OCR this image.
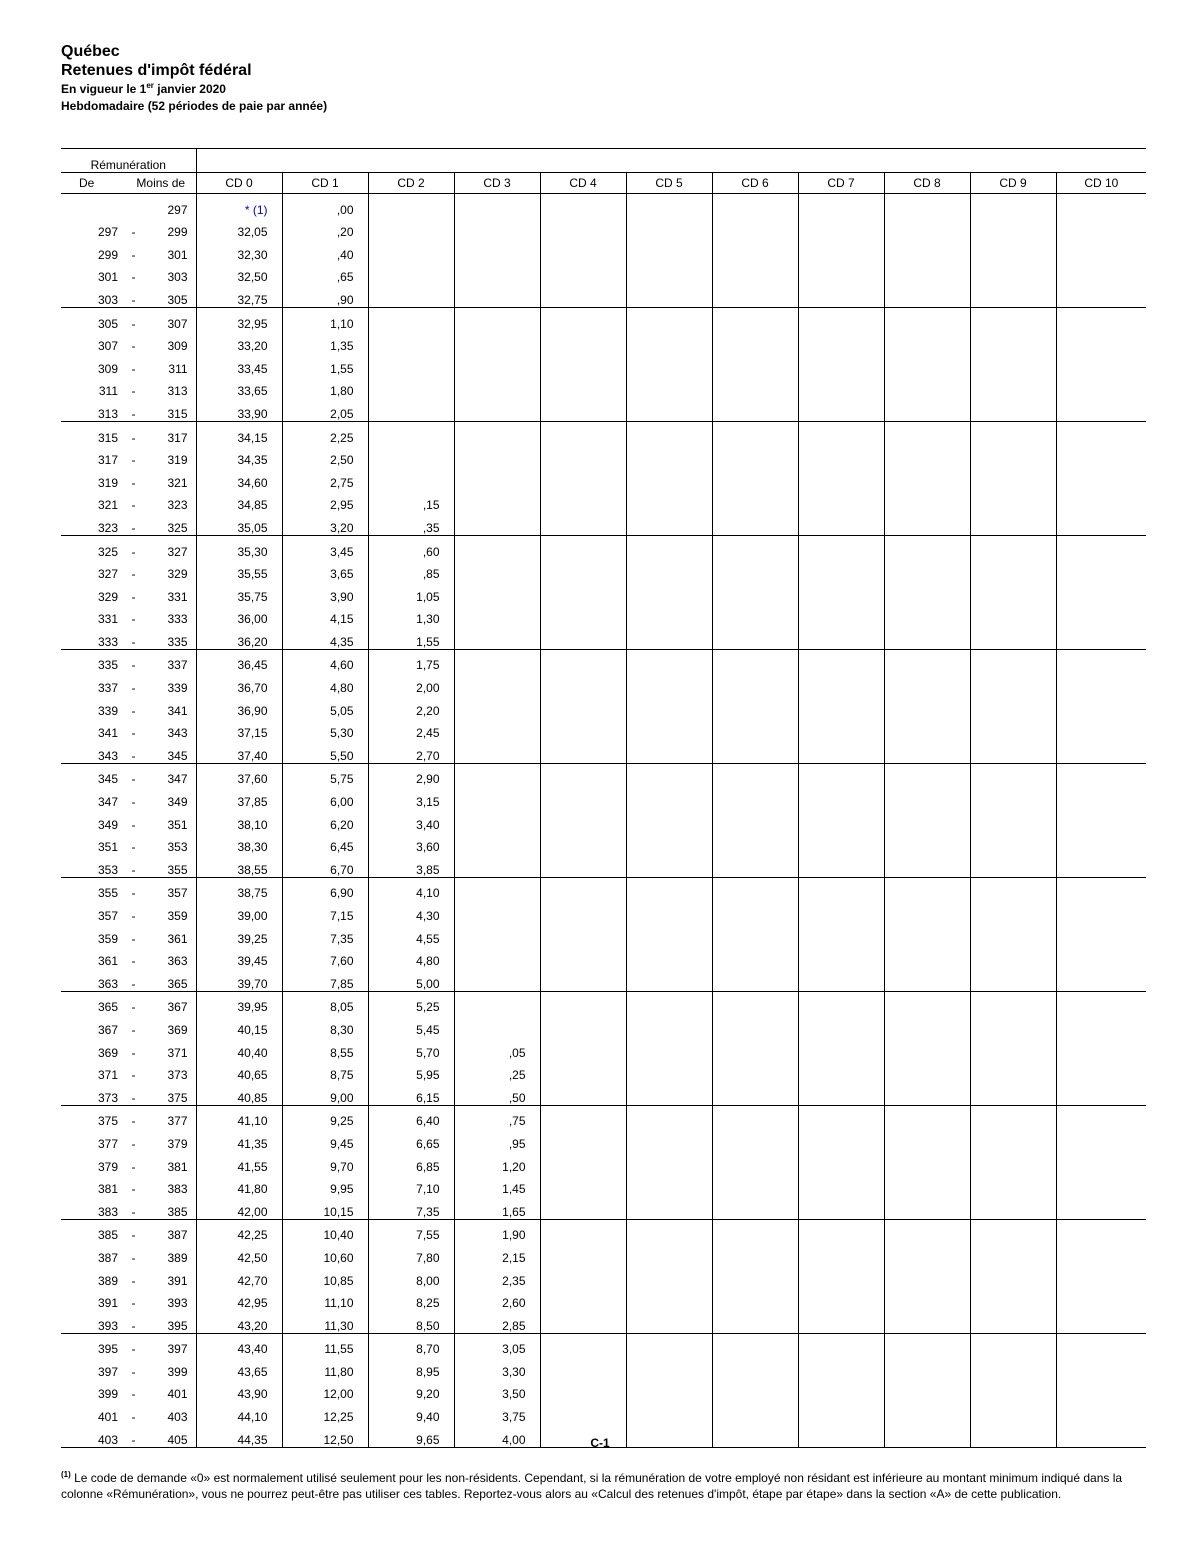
Québec
Retenues d'impôt fédéral
En vigueur le 1er janvier 2020
Hebdomadaire (52 périodes de paie par année)
Rémunération													
De	Moins de		CD 0	CD 1	CD 2	CD 3	CD 4	CD 5	CD 6	CD 7	CD 8	CD 9	CD 10
		297	* (1)	,00									
297	-	299	32,05	,20									
299	-	301	32,30	,40									
301	-	303	32,50	,65									
303	-	305	32,75	,90									
305	-	307	32,95	1,10									
307	-	309	33,20	1,35									
309	-	311	33,45	1,55									
311	-	313	33,65	1,80									
313	-	315	33,90	2,05									
315	-	317	34,15	2,25									
317	-	319	34,35	2,50									
319	-	321	34,60	2,75									
321	-	323	34,85	2,95	,15								
323	-	325	35,05	3,20	,35								
325	-	327	35,30	3,45	,60								
327	-	329	35,55	3,65	,85								
329	-	331	35,75	3,90	1,05								
331	-	333	36,00	4,15	1,30								
333	-	335	36,20	4,35	1,55								
335	-	337	36,45	4,60	1,75								
337	-	339	36,70	4,80	2,00								
339	-	341	36,90	5,05	2,20								
341	-	343	37,15	5,30	2,45								
343	-	345	37,40	5,50	2,70								
345	-	347	37,60	5,75	2,90								
347	-	349	37,85	6,00	3,15								
349	-	351	38,10	6,20	3,40								
351	-	353	38,30	6,45	3,60								
353	-	355	38,55	6,70	3,85								
355	-	357	38,75	6,90	4,10								
357	-	359	39,00	7,15	4,30								
359	-	361	39,25	7,35	4,55								
361	-	363	39,45	7,60	4,80								
363	-	365	39,70	7,85	5,00								
365	-	367	39,95	8,05	5,25								
367	-	369	40,15	8,30	5,45								
369	-	371	40,40	8,55	5,70	,05							
371	-	373	40,65	8,75	5,95	,25							
373	-	375	40,85	9,00	6,15	,50							
375	-	377	41,10	9,25	6,40	,75							
377	-	379	41,35	9,45	6,65	,95							
379	-	381	41,55	9,70	6,85	1,20							
381	-	383	41,80	9,95	7,10	1,45							
383	-	385	42,00	10,15	7,35	1,65							
385	-	387	42,25	10,40	7,55	1,90							
387	-	389	42,50	10,60	7,80	2,15							
389	-	391	42,70	10,85	8,00	2,35							
391	-	393	42,95	11,10	8,25	2,60							
393	-	395	43,20	11,30	8,50	2,85							
395	-	397	43,40	11,55	8,70	3,05							
397	-	399	43,65	11,80	8,95	3,30							
399	-	401	43,90	12,00	9,20	3,50							
401	-	403	44,10	12,25	9,40	3,75							
403	-	405	44,35	12,50	9,65	4,00								C-1
$^{(1)}$ Le code de demande «0» est normalement utilisé seulement pour les non-résidents. Cependant, si la rémunération de votre employé non résidant est inférieure au montant minimum indiqué dans la colonne «Rémunération», vous ne pourrez peut-être pas utiliser ces tables. Reportez-vous alors au «Calcul des retenues d'impôt, étape par étape» dans la section «A» de cette publication.
